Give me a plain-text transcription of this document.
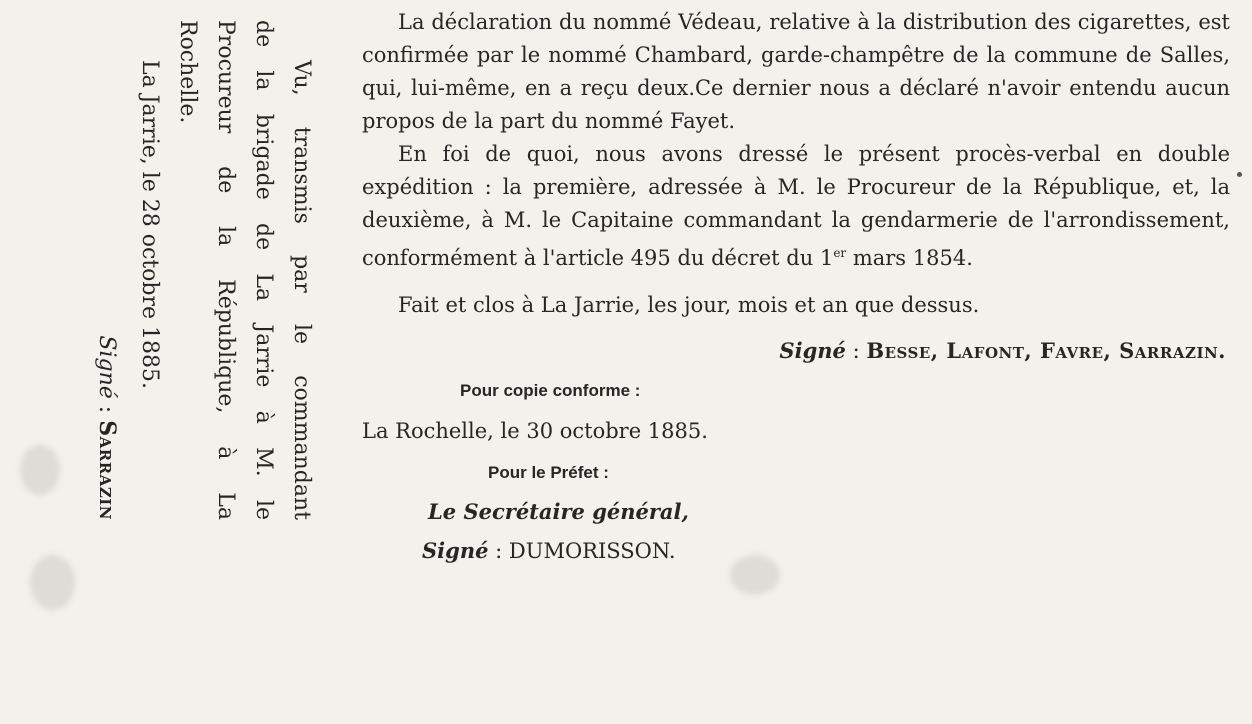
Vu, transmis par le commandant

de la brigade de La Jarrie à M. le

Procureur de la République, à La

Rochelle.

La Jarrie, le 28 octobre 1885.

Signé : Sarrazin

La déclaration du nommé Védeau, relative à la distribution des cigarettes, est confirmée par le nommé Chambard, garde-champêtre de la commune de Salles, qui, lui-même, en a reçu deux.Ce dernier nous a déclaré n'avoir entendu aucun propos de la part du nommé Fayet.

En foi de quoi, nous avons dressé le présent procès-verbal en double expédition : la première, adressée à M. le Procureur de la République, et, la deuxième, à M. le Capitaine commandant la gendarmerie de l'arrondissement, conformément à l'article 495 du décret du 1er mars 1854.

Fait et clos à La Jarrie, les jour, mois et an que dessus.

Signé : Besse, Lafont, Favre, Sarrazin.

Pour copie conforme :

La Rochelle, le 30 octobre 1885.

Pour le Préfet :

Le Secrétaire général,

Signé : DUMORISSON.
